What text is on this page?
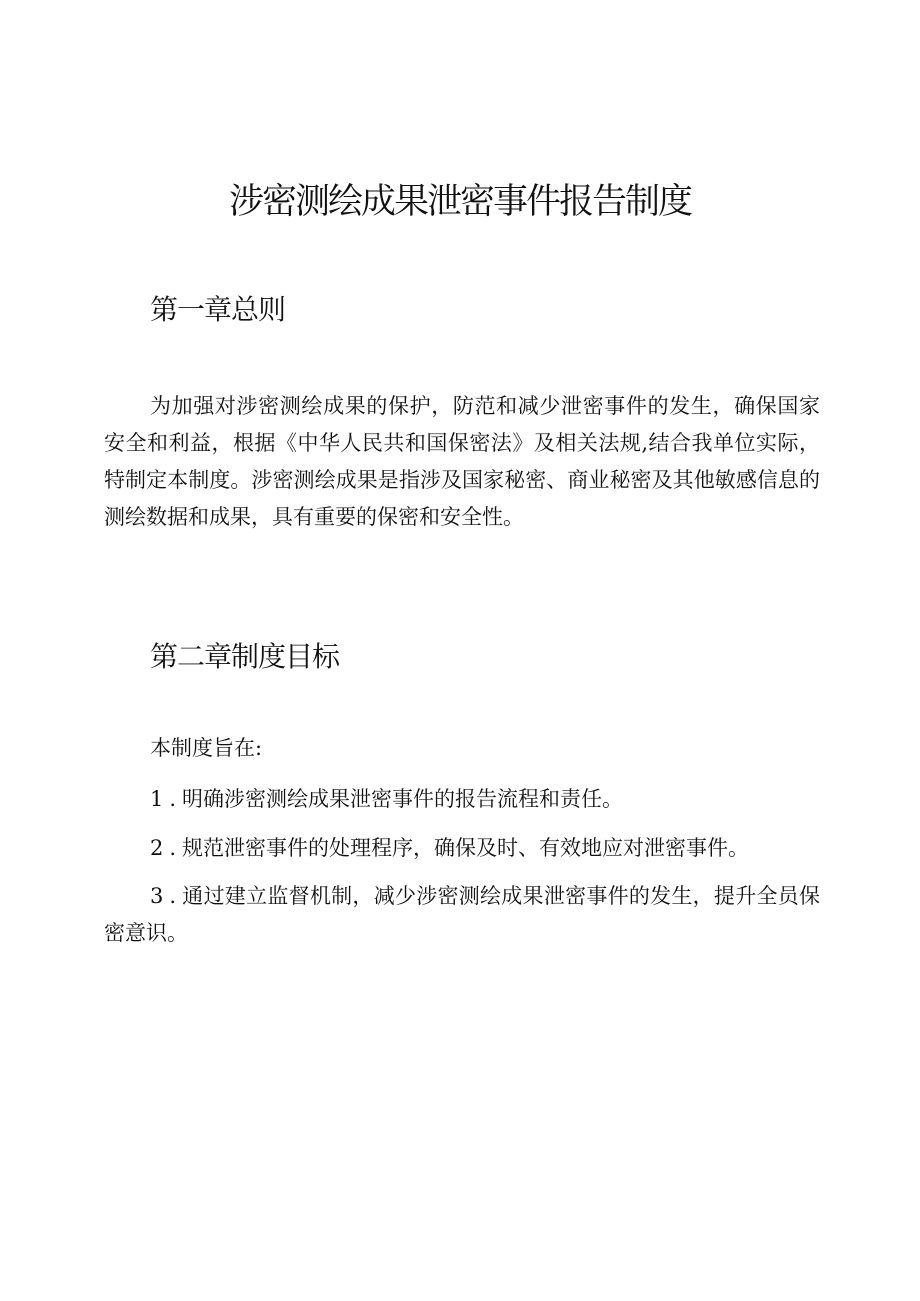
涉密测绘成果泄密事件报告制度
第一章总则

为加强对涉密测绘成果的保护，防范和减少泄密事件的发生，确保国家安全和利益，根据《中华人民共和国保密法》及相关法规,结合我单位实际，特制定本制度。涉密测绘成果是指涉及国家秘密、商业秘密及其他敏感信息的测绘数据和成果，具有重要的保密和安全性。

第二章制度目标

本制度旨在:

1.明确涉密测绘成果泄密事件的报告流程和责任。

2.规范泄密事件的处理程序，确保及时、有效地应对泄密事件。

3.通过建立监督机制，减少涉密测绘成果泄密事件的发生，提升全员保密意识。
